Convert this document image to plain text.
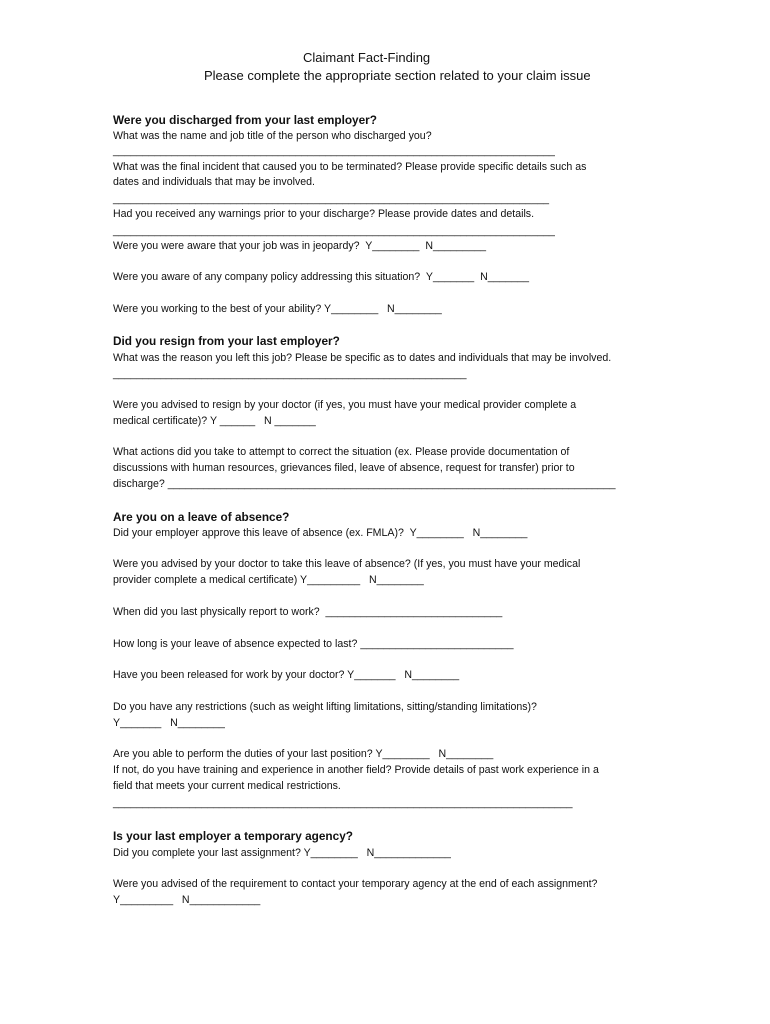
Claimant Fact-Finding
Please complete the appropriate section related to your claim issue
Were you discharged from your last employer?
What was the name and job title of the person who discharged you?
___________________________________________________________________________
What was the final incident that caused you to be terminated? Please provide specific details such as
dates and individuals that may be involved.
__________________________________________________________________________
Had you received any warnings prior to your discharge? Please provide dates and details.
___________________________________________________________________________
Were you were aware that your job was in jeopardy?  Y________  N_________
Were you aware of any company policy addressing this situation?  Y_______  N_______
Were you working to the best of your ability? Y________   N________
Did you resign from your last employer?
What was the reason you left this job? Please be specific as to dates and individuals that may be involved.
____________________________________________________________
Were you advised to resign by your doctor (if yes, you must have your medical provider complete a
medical certificate)? Y ______   N _______
What actions did you take to attempt to correct the situation (ex. Please provide documentation of
discussions with human resources, grievances filed, leave of absence, request for transfer) prior to
discharge? ____________________________________________________________________________
Are you on a leave of absence?
Did your employer approve this leave of absence (ex. FMLA)?  Y________   N________
Were you advised by your doctor to take this leave of absence? (If yes, you must have your medical
provider complete a medical certificate) Y_________   N________
When did you last physically report to work?  ______________________________
How long is your leave of absence expected to last? __________________________
Have you been released for work by your doctor? Y_______   N________
Do you have any restrictions (such as weight lifting limitations, sitting/standing limitations)?
Y_______   N________
Are you able to perform the duties of your last position? Y________   N________
If not, do you have training and experience in another field? Provide details of past work experience in a
field that meets your current medical restrictions.
______________________________________________________________________________
Is your last employer a temporary agency?
Did you complete your last assignment? Y________   N_____________
Were you advised of the requirement to contact your temporary agency at the end of each assignment?
Y_________   N____________
